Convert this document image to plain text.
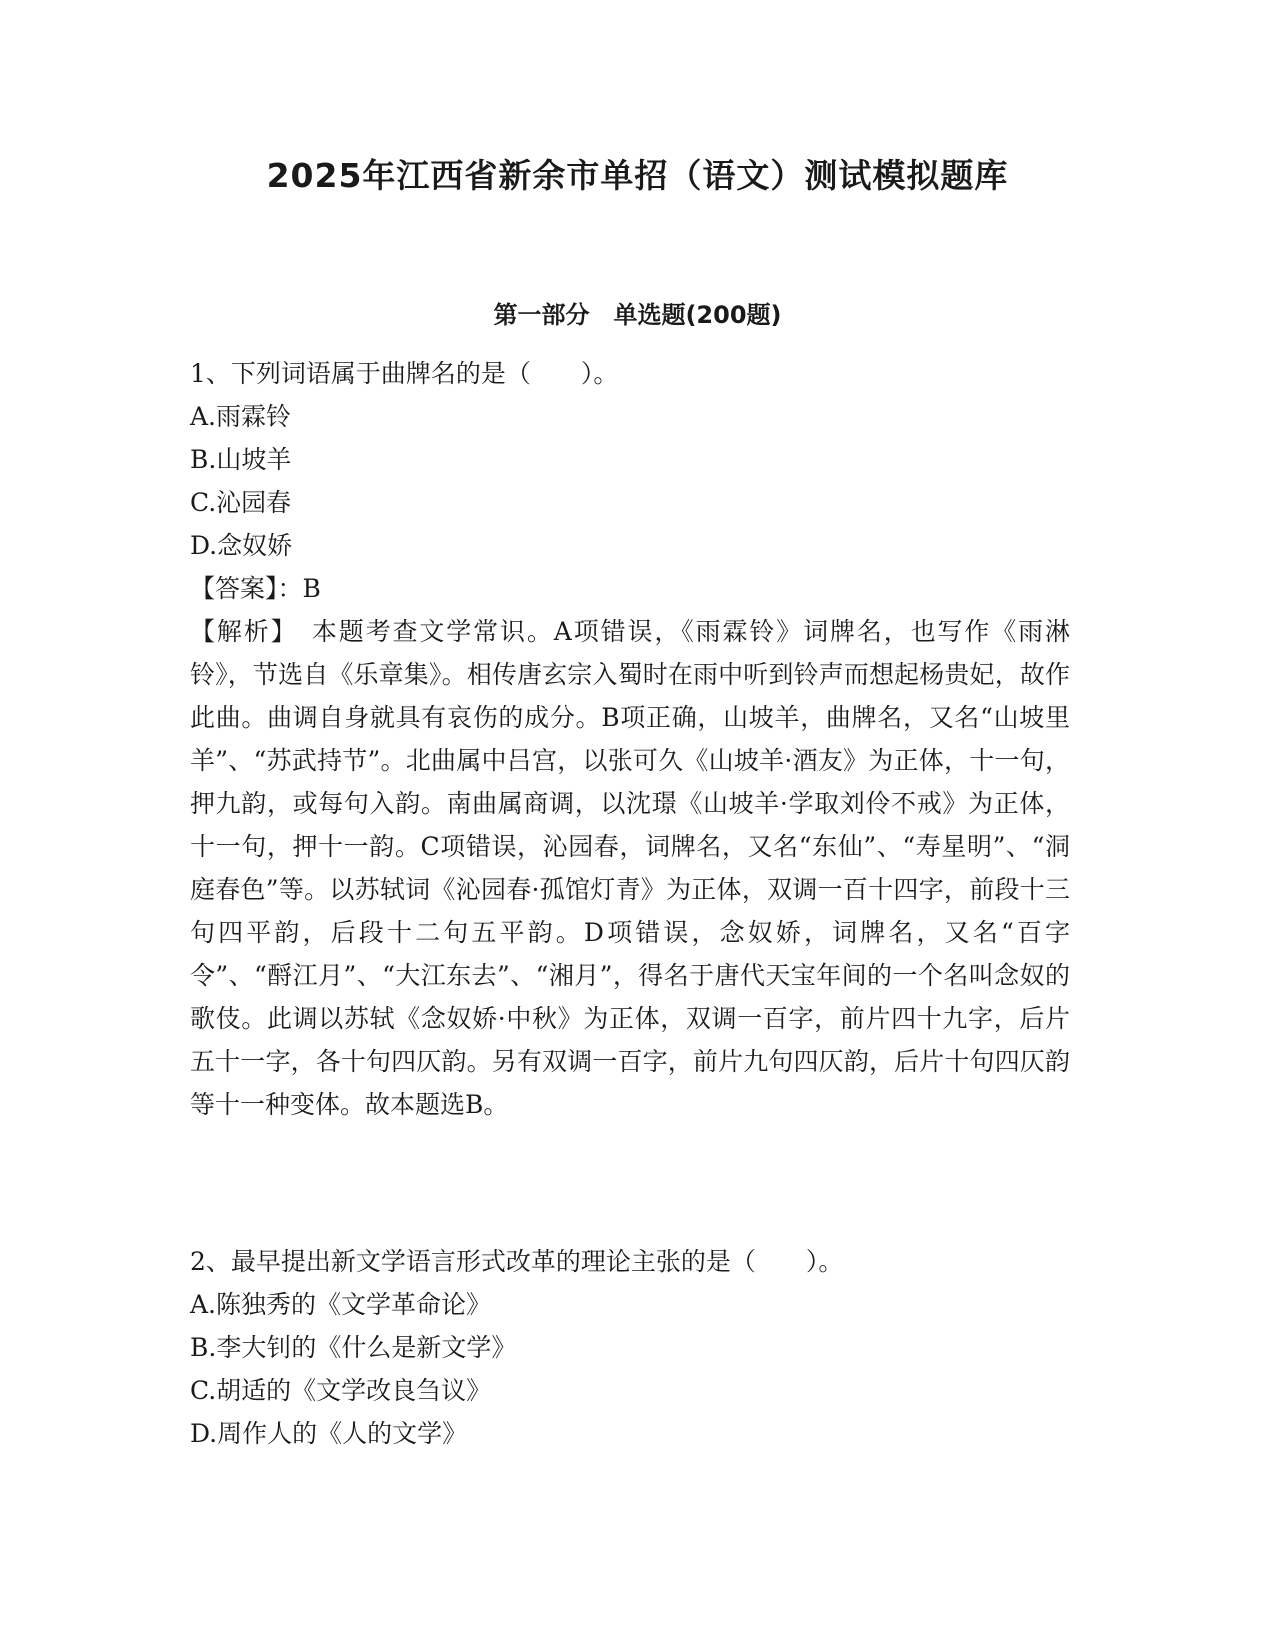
2025年江西省新余市单招（语文）测试模拟题库
第一部分　单选题(200题)
1、下列词语属于曲牌名的是（　　）。
A.雨霖铃
B.山坡羊
C.沁园春
D.念奴娇
【答案】：B
【解析】　本题考查文学常识。A项错误，《雨霖铃》词牌名，也写作《雨淋铃》，节选自《乐章集》。相传唐玄宗入蜀时在雨中听到铃声而想起杨贵妃，故作此曲。曲调自身就具有哀伤的成分。B项正确，山坡羊，曲牌名，又名“山坡里羊”、“苏武持节”。北曲属中吕宫，以张可久《山坡羊·酒友》为正体，十一句，押九韵，或每句入韵。南曲属商调，以沈璟《山坡羊·学取刘伶不戒》为正体，十一句，押十一韵。C项错误，沁园春，词牌名，又名“东仙”、“寿星明”、“洞庭春色”等。以苏轼词《沁园春·孤馆灯青》为正体，双调一百十四字，前段十三句四平韵，后段十二句五平韵。D项错误，念奴娇，词牌名，又名“百字令”、“酹江月”、“大江东去”、“湘月”，得名于唐代天宝年间的一个名叫念奴的歌伎。此调以苏轼《念奴娇·中秋》为正体，双调一百字，前片四十九字，后片五十一字，各十句四仄韵。另有双调一百字，前片九句四仄韵，后片十句四仄韵等十一种变体。故本题选B。
2、最早提出新文学语言形式改革的理论主张的是（　　）。
A.陈独秀的《文学革命论》
B.李大钊的《什么是新文学》
C.胡适的《文学改良刍议》
D.周作人的《人的文学》
